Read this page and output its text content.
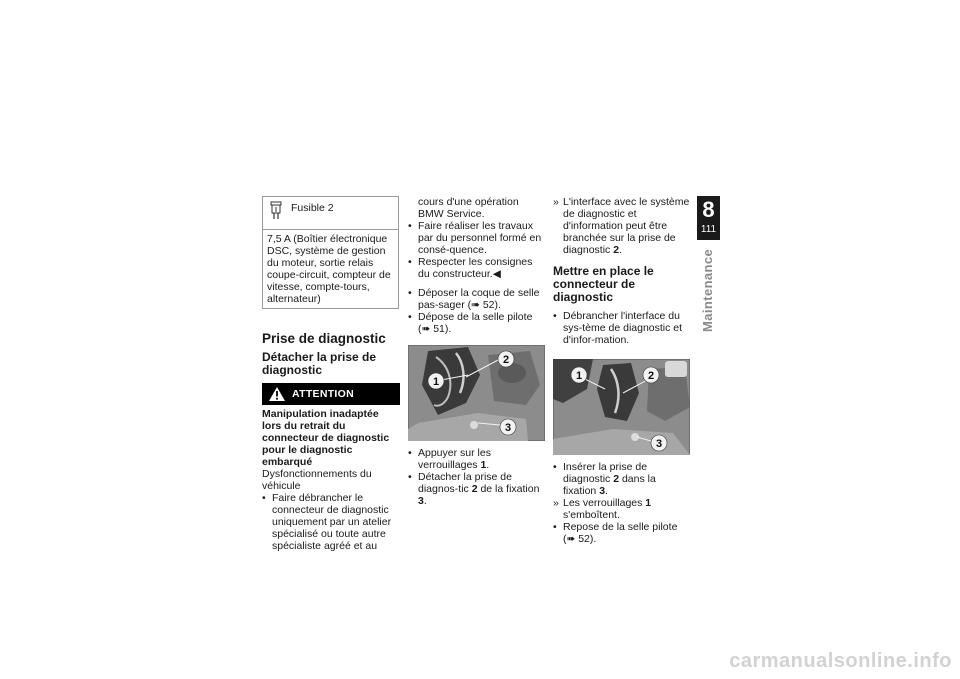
Fusible 2

7,5 A (Boîtier électronique DSC, système de gestion du moteur, sortie relais coupe-circuit, compteur de vitesse, compte-tours, alternateur)
Prise de diagnostic
Détacher la prise de diagnostic
ATTENTION
Manipulation inadaptée lors du retrait du connecteur de diagnostic pour le diagnostic embarqué
Dysfonctionnements du véhicule
• Faire débrancher le connecteur de diagnostic uniquement par un atelier spécialisé ou toute autre spécialiste agréé et au
cours d'une opération BMW Service.
• Faire réaliser les travaux par du personnel formé en consé-quence.
• Respecter les consignes du constructeur.◀
• Déposer la coque de selle pas-sager (➠ 52).
• Dépose de la selle pilote (➠ 51).
1
2
3
• Appuyer sur les verrouillages 1.
• Détacher la prise de diagnos-tic 2 de la fixation 3.
» L'interface avec le système de diagnostic et d'information peut être branchée sur la prise de diagnostic 2.
Mettre en place le connecteur de diagnostic
• Débrancher l'interface du sys-tème de diagnostic et d'infor-mation.
1	2
3
• Insérer la prise de diagnostic 2 dans la fixation 3.
» Les verrouillages 1 s'emboîtent.
• Repose de la selle pilote (➠ 52).
8
111
Maintenance
carmanualsonline.info
